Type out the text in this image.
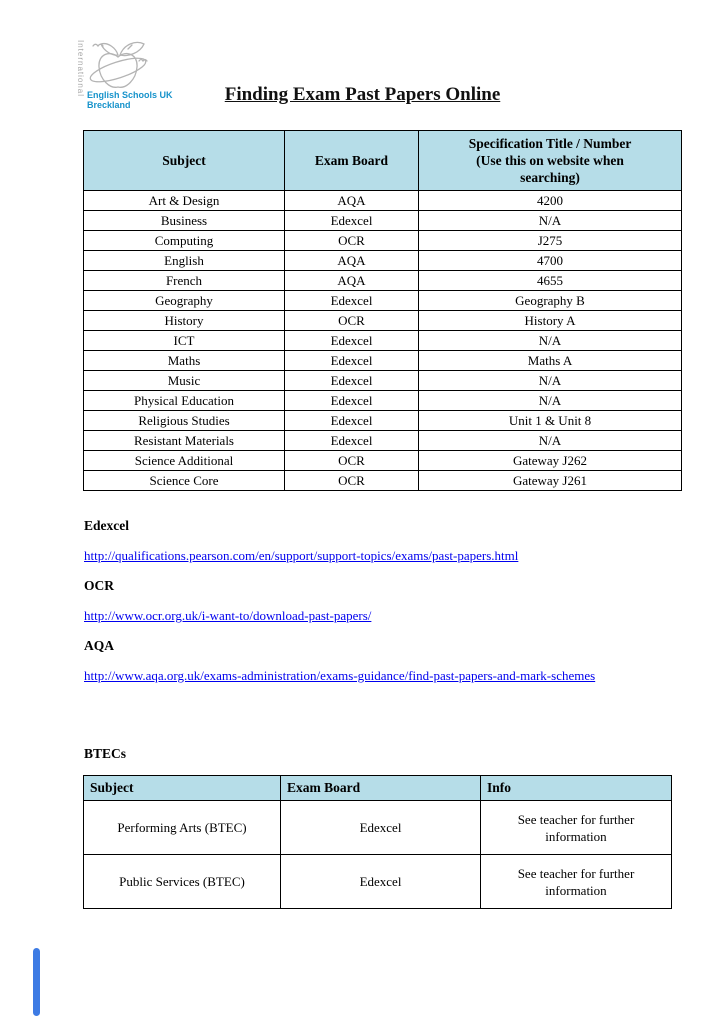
International English Schools UK
Breckland	Finding Exam Past Papers Online
Subject	Exam Board	Specification Title / Number
(Use this on website when searching)

Art & Design	AQA	4200
Business	Edexcel	N/A
Computing	OCR	J275
English	AQA	4700
French	AQA	4655
Geography	Edexcel	Geography B
History	OCR	History A
ICT	Edexcel	N/A
Maths	Edexcel	Maths A
Music	Edexcel	N/A
Physical Education	Edexcel	N/A
Religious Studies	Edexcel	Unit 1 & Unit 8
Resistant Materials	Edexcel	N/A
Science Additional	OCR	Gateway J262
Science Core	OCR	Gateway J261

Edexcel

http://qualifications.pearson.com/en/support/support-topics/exams/past-papers.html

OCR

http://www.ocr.org.uk/i-want-to/download-past-papers/

AQA

http://www.aqa.org.uk/exams-administration/exams-guidance/find-past-papers-and-mark-schemes

BTECs
Subject	Exam Board	Info
Performing Arts (BTEC)	Edexcel	See teacher for further information
Public Services (BTEC)	Edexcel	See teacher for further information
